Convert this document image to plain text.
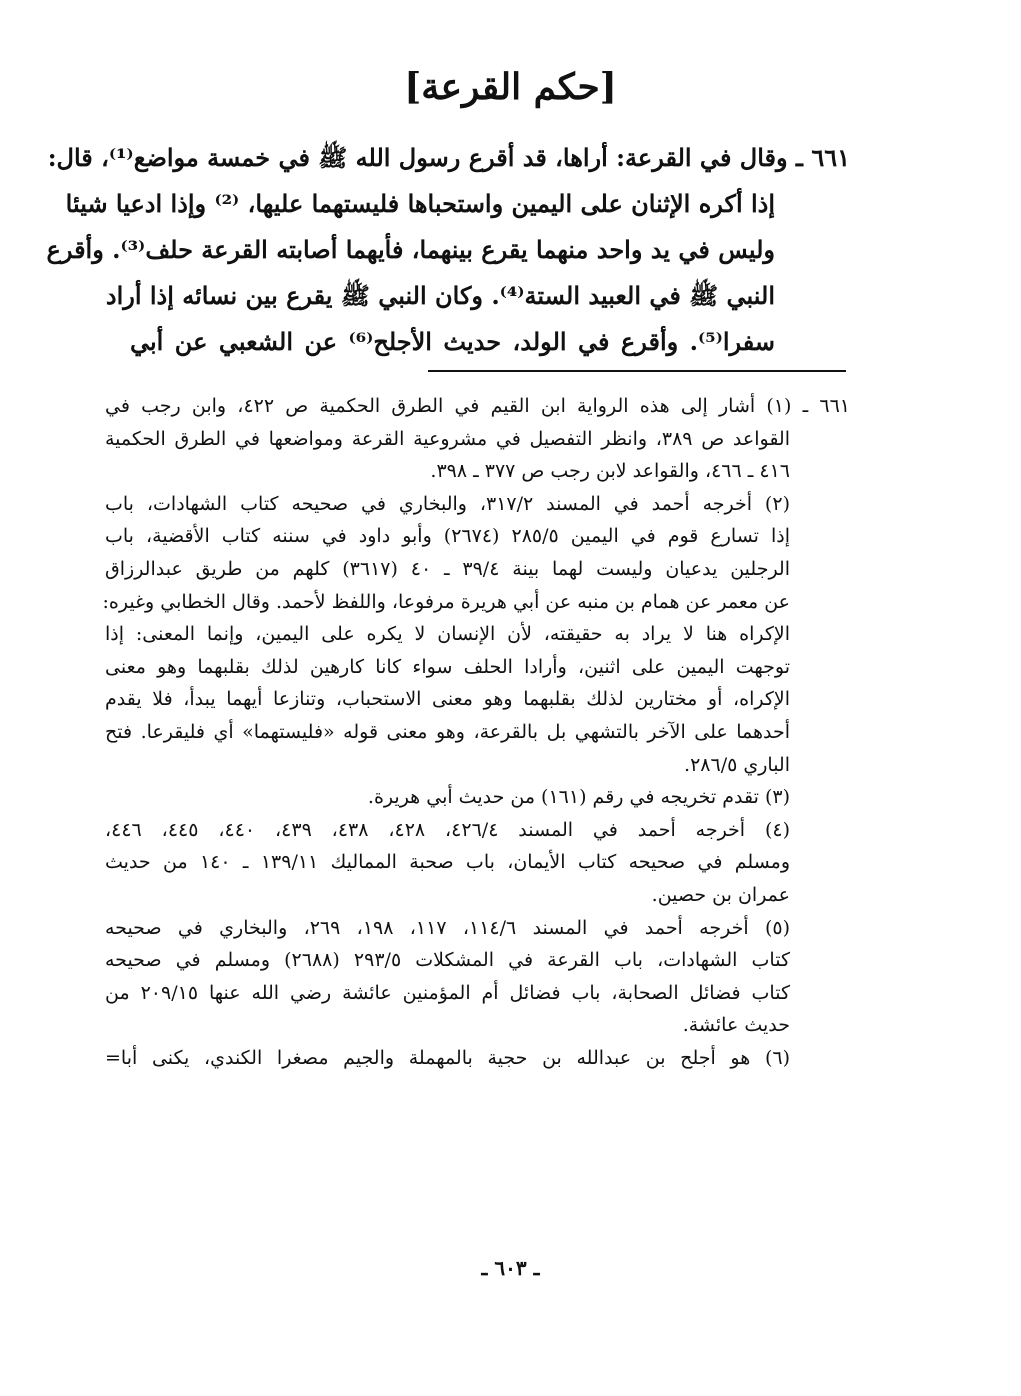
[حكم القرعة]
٦٦١ ـ وقال في القرعة: أراها، قد أقرع رسول الله ﷺ في خمسة مواضع⁽¹⁾، قال:
إذا أكره الإثنان على اليمين واستحباها فليستهما عليها، ⁽²⁾ وإذا ادعيا شيئا
وليس في يد واحد منهما يقرع بينهما، فأيهما أصابته القرعة حلف⁽³⁾. وأقرع
النبي ﷺ في العبيد الستة⁽⁴⁾. وكان النبي ﷺ يقرع بين نسائه إذا أراد
سفرا⁽⁵⁾. وأقرع في الولد، حديث الأجلح⁽⁶⁾ عن الشعبي عن أبي
٦٦١ ـ (١) أشار إلى هذه الرواية ابن القيم في الطرق الحكمية ص ٤٢٢، وابن رجب في
القواعد ص ٣٨٩، وانظر التفصيل في مشروعية القرعة ومواضعها في الطرق الحكمية
٤١٦ ـ ٤٦٦، والقواعد لابن رجب ص ٣٧٧ ـ ٣٩٨.
(٢) أخرجه أحمد في المسند ٣١٧/٢، والبخاري في صحيحه كتاب الشهادات، باب
إذا تسارع قوم في اليمين ٢٨٥/٥ (٢٦٧٤) وأبو داود في سننه كتاب الأقضية، باب
الرجلين يدعيان وليست لهما بينة ٣٩/٤ ـ ٤٠ (٣٦١٧) كلهم من طريق عبدالرزاق
عن معمر عن همام بن منبه عن أبي هريرة مرفوعا، واللفظ لأحمد. وقال الخطابي وغيره:
الإكراه هنا لا يراد به حقيقته، لأن الإنسان لا يكره على اليمين، وإنما المعنى: إذا
توجهت اليمين على اثنين، وأرادا الحلف سواء كانا كارهين لذلك بقلبهما وهو معنى
الإكراه، أو مختارين لذلك بقلبهما وهو معنى الاستحباب، وتنازعا أيهما يبدأ، فلا يقدم
أحدهما على الآخر بالتشهي بل بالقرعة، وهو معنى قوله «فليستهما» أي فليقرعا. فتح
الباري ٢٨٦/٥.
(٣) تقدم تخريجه في رقم (١٦١) من حديث أبي هريرة.
(٤) أخرجه أحمد في المسند ٤٢٦/٤، ٤٢٨، ٤٣٨، ٤٣٩، ٤٤٠، ٤٤٥، ٤٤٦،
ومسلم في صحيحه كتاب الأيمان، باب صحبة المماليك ١٣٩/١١ ـ ١٤٠ من حديث
عمران بن حصين.
(٥) أخرجه أحمد في المسند ١١٤/٦، ١١٧، ١٩٨، ٢٦٩، والبخاري في صحيحه
كتاب الشهادات، باب القرعة في المشكلات ٢٩٣/٥ (٢٦٨٨) ومسلم في صحيحه
كتاب فضائل الصحابة، باب فضائل أم المؤمنين عائشة رضي الله عنها ٢٠٩/١٥ من
حديث عائشة.
(٦) هو أجلح بن عبدالله بن حجية بالمهملة والجيم مصغرا الكندي، يكنى أبا=
ـ ٦٠٣ ـ
